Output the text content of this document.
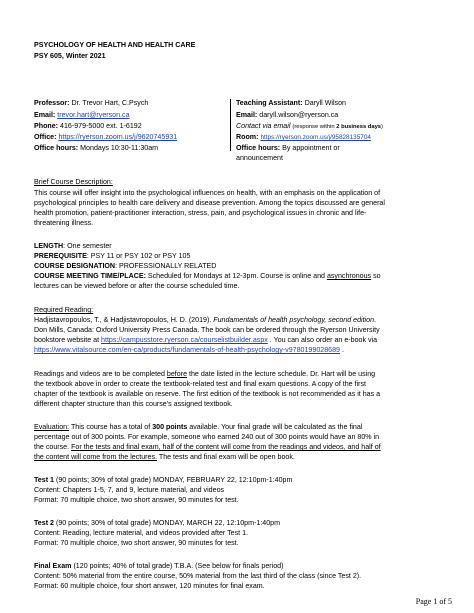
PSYCHOLOGY OF HEALTH AND HEALTH CARE
PSY 605, Winter 2021
Professor: Dr. Trevor Hart, C.Psych
Email: trevor.hart@ryerson.ca
Phone: 416-979-5000 ext. 1-6192
Office: https://ryerson.zoom.us/j/9620745931
Office hours: Mondays 10:30-11:30am
Teaching Assistant: Daryll Wilson
Email: daryll.wilson@ryerson.ca
Contact via email (response within 2 business days)
Room: https://ryerson.zoom.us/j/95828135704
Office hours: By appointment or
announcement
Brief Course Description:
This course will offer insight into the psychological influences on health, with an emphasis on the application of
psychological principles to health care delivery and disease prevention. Among the topics discussed are general
health promotion, patient-practitioner interaction, stress, pain, and psychological issues in chronic and life-
threatening illness.
LENGTH: One semester
PREREQUISITE: PSY 11 or PSY 102 or PSY 105
COURSE DESIGNATION: PROFESSIONALLY RELATED
COURSE MEETING TIME/PLACE: Scheduled for Mondays at 12-3pm. Course is online and asynchronous so
lectures can be viewed before or after the course scheduled time.
Required Reading:
Hadjistavropoulos, T., & Hadjistavropoulos, H. D. (2019). Fundamentals of health psychology, second edition.
Don Mills, Canada: Oxford University Press Canada. The book can be ordered through the Ryerson University
bookstore website at https://campusstore.ryerson.ca/courselistbuilder.aspx . You can also order an e-book via
https://www.vitalsource.com/en-ca/products/fundamentals-of-health-psychology-v9780199028689 .
Readings and videos are to be completed before the date listed in the lecture schedule. Dr. Hart will be using
the textbook above in order to create the textbook-related test and final exam questions. A copy of the first
chapter of the textbook is available on reserve. The first edition of the textbook is not recommended as it has a
different chapter structure than this course's assigned textbook.
Evaluation: This course has a total of 300 points available. Your final grade will be calculated as the final
percentage out of 300 points. For example, someone who earned 240 out of 300 points would have an 80% in
the course. For the tests and final exam, half of the content will come from the readings and videos, and half of
the content will come from the lectures. The tests and final exam will be open book.
Test 1 (90 points; 30% of total grade) MONDAY, FEBRUARY 22, 12:10pm-1:40pm
Content: Chapters 1-5, 7, and 9, lecture material, and videos
Format: 70 multiple choice, two short answer, 90 minutes for test.
Test 2 (90 points; 30% of total grade) MONDAY, MARCH 22, 12:10pm-1:40pm
Content: Reading, lecture material, and videos provided after Test 1.
Format: 70 multiple choice, two short answer, 90 minutes for test.
Final Exam (120 points; 40% of total grade) T.B.A. (See below for finals period)
Content: 50% material from the entire course, 50% material from the last third of the class (since Test 2).
Format: 60 multiple choice, four short answer, 120 minutes for final exam.
Page 1 of 5
